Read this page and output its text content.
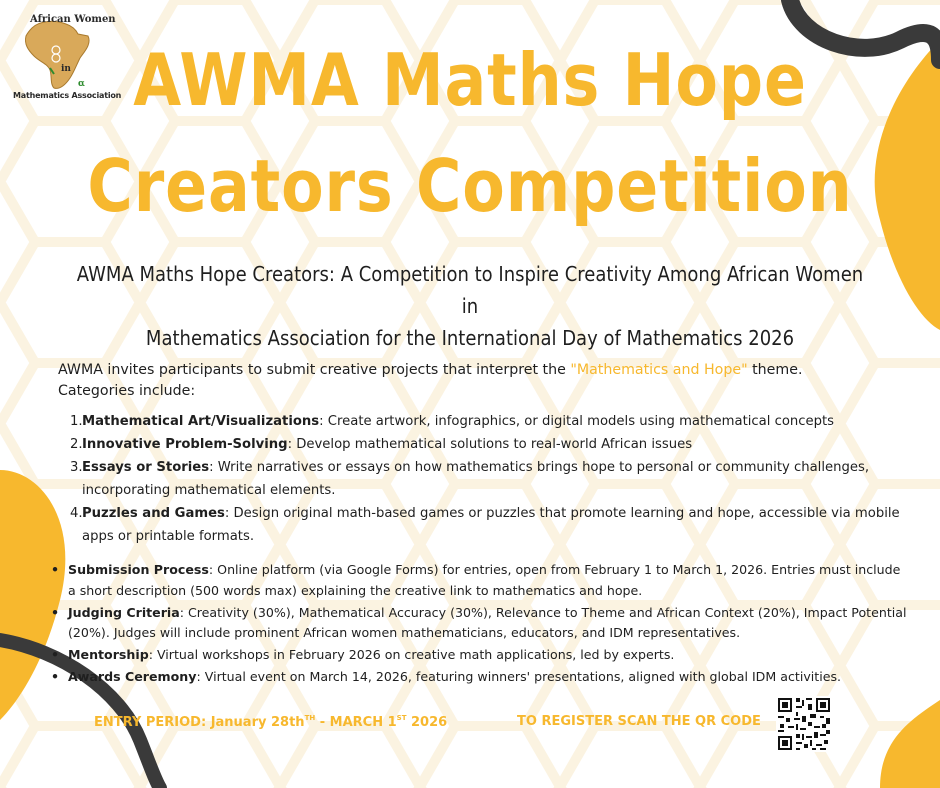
α
African Women
in
Mathematics Association AWMA Maths Hope
Creators Competition
AWMA Maths Hope Creators: A Competition to Inspire Creativity Among African Women in
Mathematics Association for the International Day of Mathematics 2026
AWMA invites participants to submit creative projects that interpret the "Mathematics and Hope" theme.
Categories include:
1. Mathematical Art/Visualizations: Create artwork, infographics, or digital models using mathematical concepts
2. Innovative Problem-Solving: Develop mathematical solutions to real-world African issues
3. Essays or Stories: Write narratives or essays on how mathematics brings hope to personal or community challenges, incorporating mathematical elements.
4. Puzzles and Games: Design original math-based games or puzzles that promote learning and hope, accessible via mobile apps or printable formats.
• Submission Process: Online platform (via Google Forms) for entries, open from February 1 to March 1, 2026. Entries must include a short description (500 words max) explaining the creative link to mathematics and hope.
• Judging Criteria: Creativity (30%), Mathematical Accuracy (30%), Relevance to Theme and African Context (20%), Impact Potential (20%). Judges will include prominent African women mathematicians, educators, and IDM representatives.
• Mentorship: Virtual workshops in February 2026 on creative math applications, led by experts.
• Awards Ceremony: Virtual event on March 14, 2026, featuring winners' presentations, aligned with global IDM activities.
ENTRY PERIOD: January $28th^{TH}$ - MARCH 1ST 2026	TO REGISTER SCAN THE QR CODE
